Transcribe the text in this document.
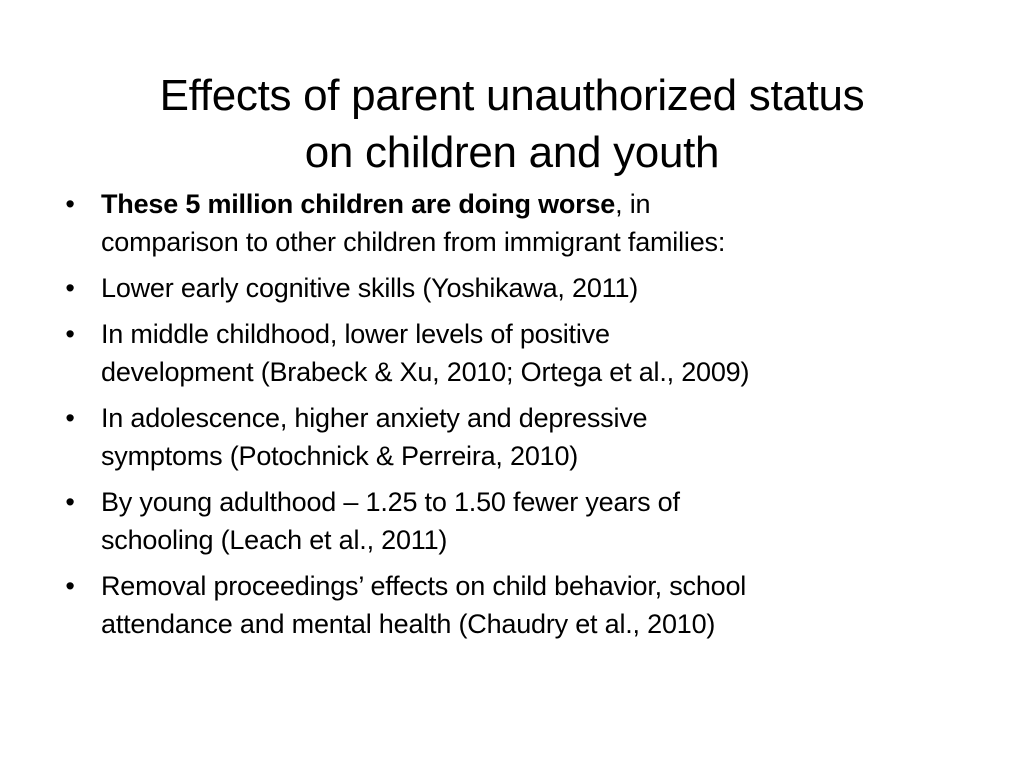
Effects of parent unauthorized status
on children and youth
• These 5 million children are doing worse, in
comparison to other children from immigrant families:
• Lower early cognitive skills (Yoshikawa, 2011)
• In middle childhood, lower levels of positive
development (Brabeck & Xu, 2010; Ortega et al., 2009)
• In adolescence, higher anxiety and depressive
symptoms (Potochnick & Perreira, 2010)
• By young adulthood – 1.25 to 1.50 fewer years of
schooling (Leach et al., 2011)
• Removal proceedings’ effects on child behavior, school
attendance and mental health (Chaudry et al., 2010)
